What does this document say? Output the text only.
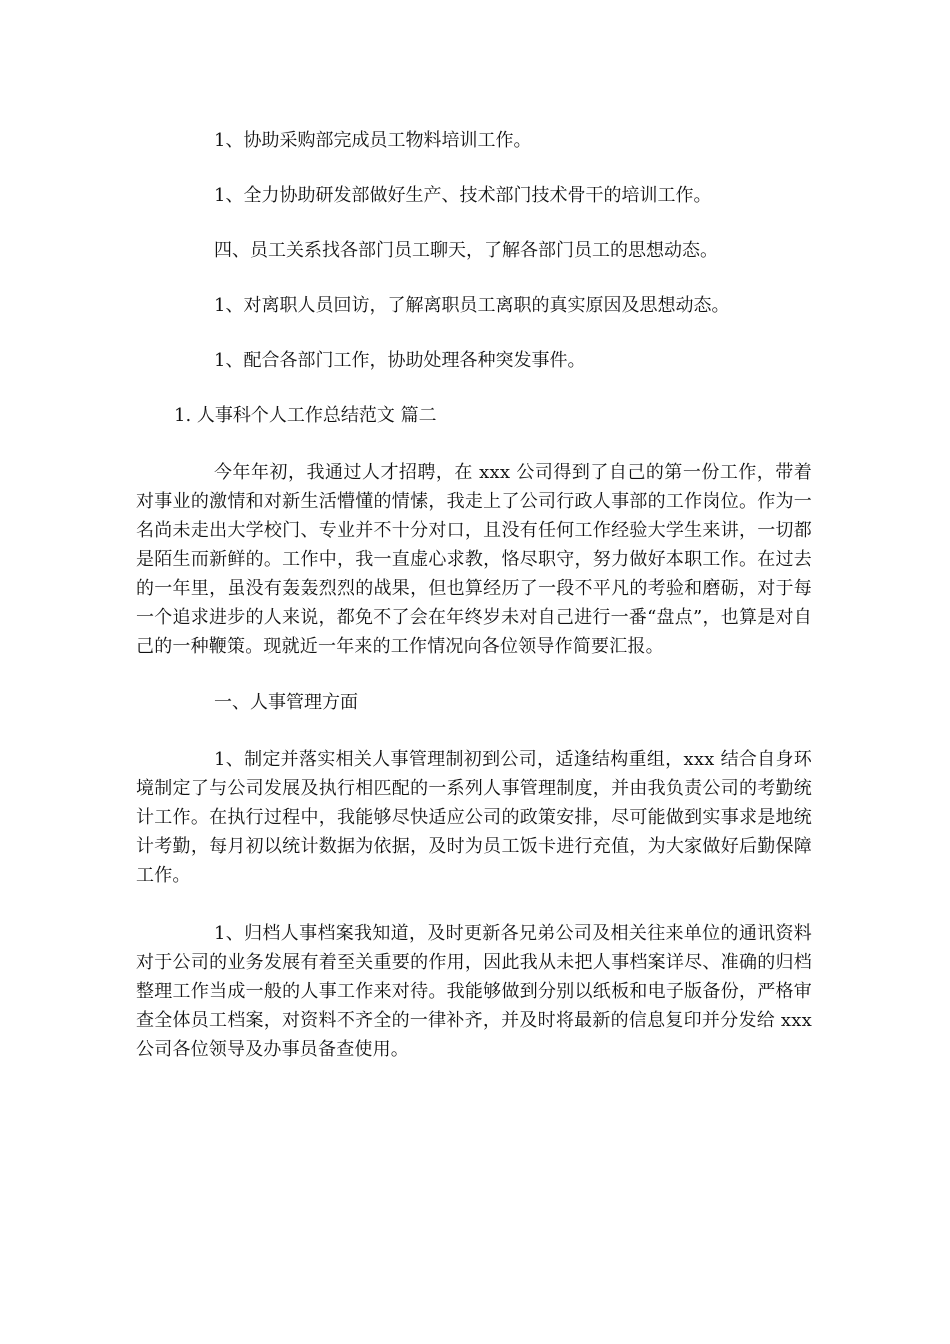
1、协助采购部完成员工物料培训工作。

1、全力协助研发部做好生产、技术部门技术骨干的培训工作。

四、员工关系找各部门员工聊天，了解各部门员工的思想动态。

1、对离职人员回访，了解离职员工离职的真实原因及思想动态。

1、配合各部门工作，协助处理各种突发事件。

1. 人事科个人工作总结范文 篇二

今年年初，我通过人才招聘，在 xxx 公司得到了自己的第一份工作，带着对事业的激情和对新生活懵懂的情愫，我走上了公司行政人事部的工作岗位。作为一名尚未走出大学校门、专业并不十分对口，且没有任何工作经验大学生来讲，一切都是陌生而新鲜的。工作中，我一直虚心求教，恪尽职守，努力做好本职工作。在过去的一年里，虽没有轰轰烈烈的战果，但也算经历了一段不平凡的考验和磨砺，对于每一个追求进步的人来说，都免不了会在年终岁未对自己进行一番“盘点”，也算是对自己的一种鞭策。现就近一年来的工作情况向各位领导作简要汇报。

一、人事管理方面

1、制定并落实相关人事管理制初到公司，适逢结构重组，xxx 结合自身环境制定了与公司发展及执行相匹配的一系列人事管理制度，并由我负责公司的考勤统计工作。在执行过程中，我能够尽快适应公司的政策安排，尽可能做到实事求是地统计考勤，每月初以统计数据为依据，及时为员工饭卡进行充值，为大家做好后勤保障工作。

1、归档人事档案我知道，及时更新各兄弟公司及相关往来单位的通讯资料对于公司的业务发展有着至关重要的作用，因此我从未把人事档案详尽、准确的归档整理工作当成一般的人事工作来对待。我能够做到分别以纸板和电子版备份，严格审查全体员工档案，对资料不齐全的一律补齐，并及时将最新的信息复印并分发给 xxx 公司各位领导及办事员备查使用。
